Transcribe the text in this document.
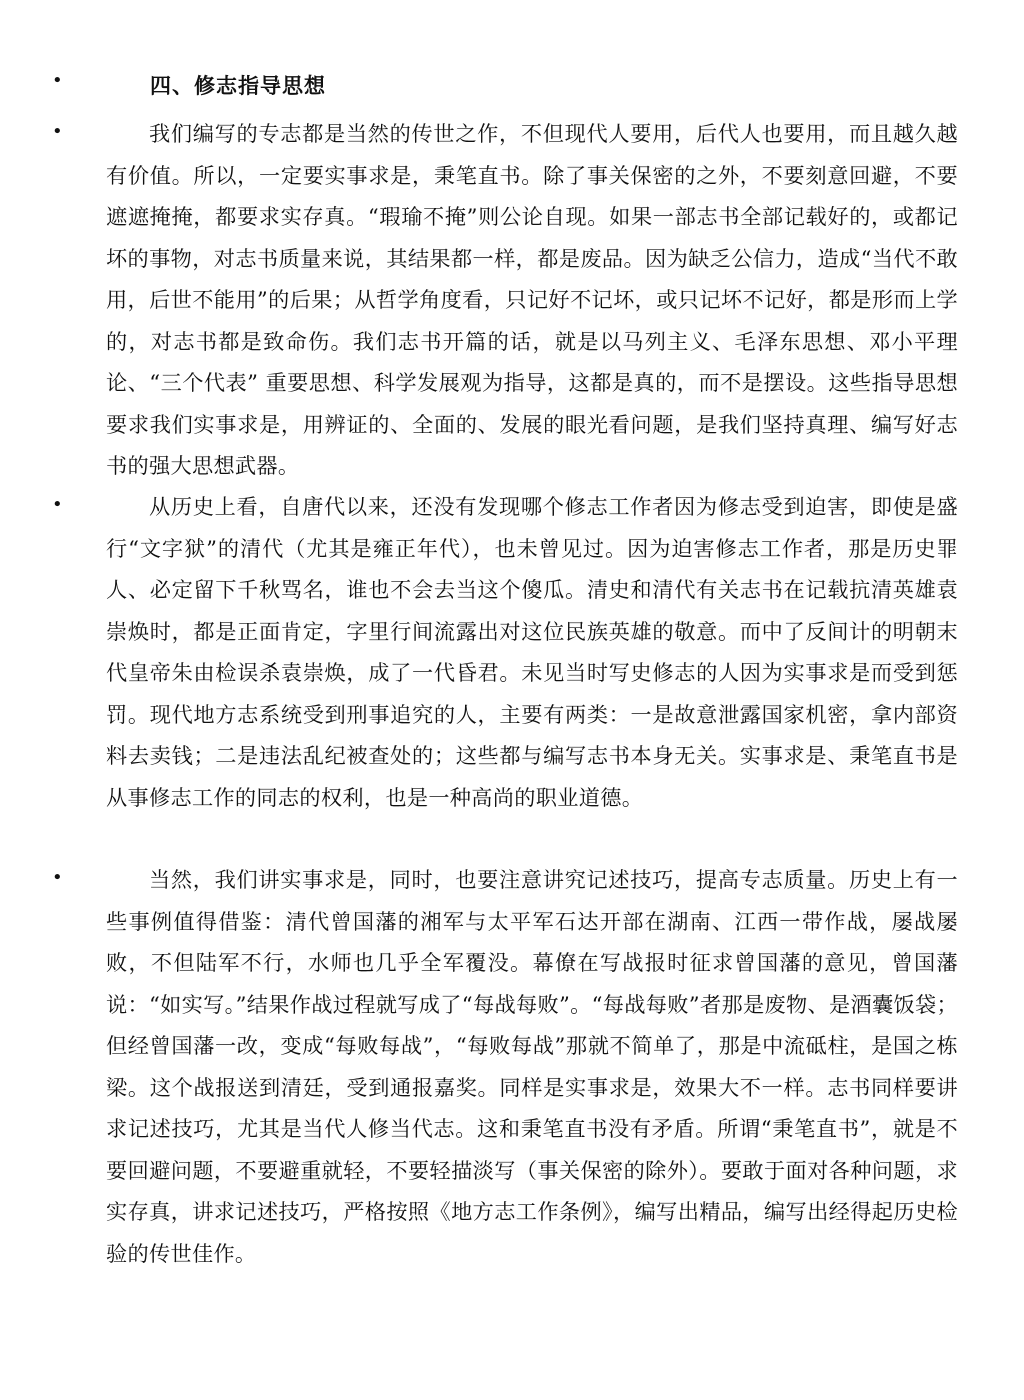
•	四、修志指导思想
•	我们编写的专志都是当然的传世之作，不但现代人要用，后代人也要用，而且越久越有价值。所以，一定要实事求是，秉笔直书。除了事关保密的之外，不要刻意回避，不要遮遮掩掩，都要求实存真。“瑕瑜不掩”则公论自现。如果一部志书全部记载好的，或都记坏的事物，对志书质量来说，其结果都一样，都是废品。因为缺乏公信力，造成“当代不敢用，后世不能用”的后果；从哲学角度看，只记好不记坏，或只记坏不记好，都是形而上学的，对志书都是致命伤。我们志书开篇的话，就是以马列主义、毛泽东思想、邓小平理论、“三个代表” 重要思想、科学发展观为指导，这都是真的，而不是摆设。这些指导思想要求我们实事求是，用辨证的、全面的、发展的眼光看问题，是我们坚持真理、编写好志书的强大思想武器。
•	从历史上看，自唐代以来，还没有发现哪个修志工作者因为修志受到迫害，即使是盛行“文字狱”的清代（尤其是雍正年代），也未曾见过。因为迫害修志工作者，那是历史罪人、必定留下千秋骂名，谁也不会去当这个傻瓜。清史和清代有关志书在记载抗清英雄袁崇焕时，都是正面肯定，字里行间流露出对这位民族英雄的敬意。而中了反间计的明朝末代皇帝朱由检误杀袁崇焕，成了一代昏君。未见当时写史修志的人因为实事求是而受到惩罚。现代地方志系统受到刑事追究的人，主要有两类：一是故意泄露国家机密，拿内部资料去卖钱；二是违法乱纪被查处的；这些都与编写志书本身无关。实事求是、秉笔直书是从事修志工作的同志的权利，也是一种高尚的职业道德。
•	当然，我们讲实事求是，同时，也要注意讲究记述技巧，提高专志质量。历史上有一些事例值得借鉴：清代曾国藩的湘军与太平军石达开部在湖南、江西一带作战，屡战屡败，不但陆军不行，水师也几乎全军覆没。幕僚在写战报时征求曾国藩的意见，曾国藩说：“如实写。”结果作战过程就写成了“每战每败”。“每战每败”者那是废物、是酒囊饭袋；但经曾国藩一改，变成“每败每战”，“每败每战”那就不简单了，那是中流砥柱，是国之栋梁。这个战报送到清廷，受到通报嘉奖。同样是实事求是，效果大不一样。志书同样要讲求记述技巧，尤其是当代人修当代志。这和秉笔直书没有矛盾。所谓“秉笔直书”，就是不要回避问题，不要避重就轻，不要轻描淡写（事关保密的除外）。要敢于面对各种问题，求实存真，讲求记述技巧，严格按照《地方志工作条例》，编写出精品，编写出经得起历史检验的传世佳作。
